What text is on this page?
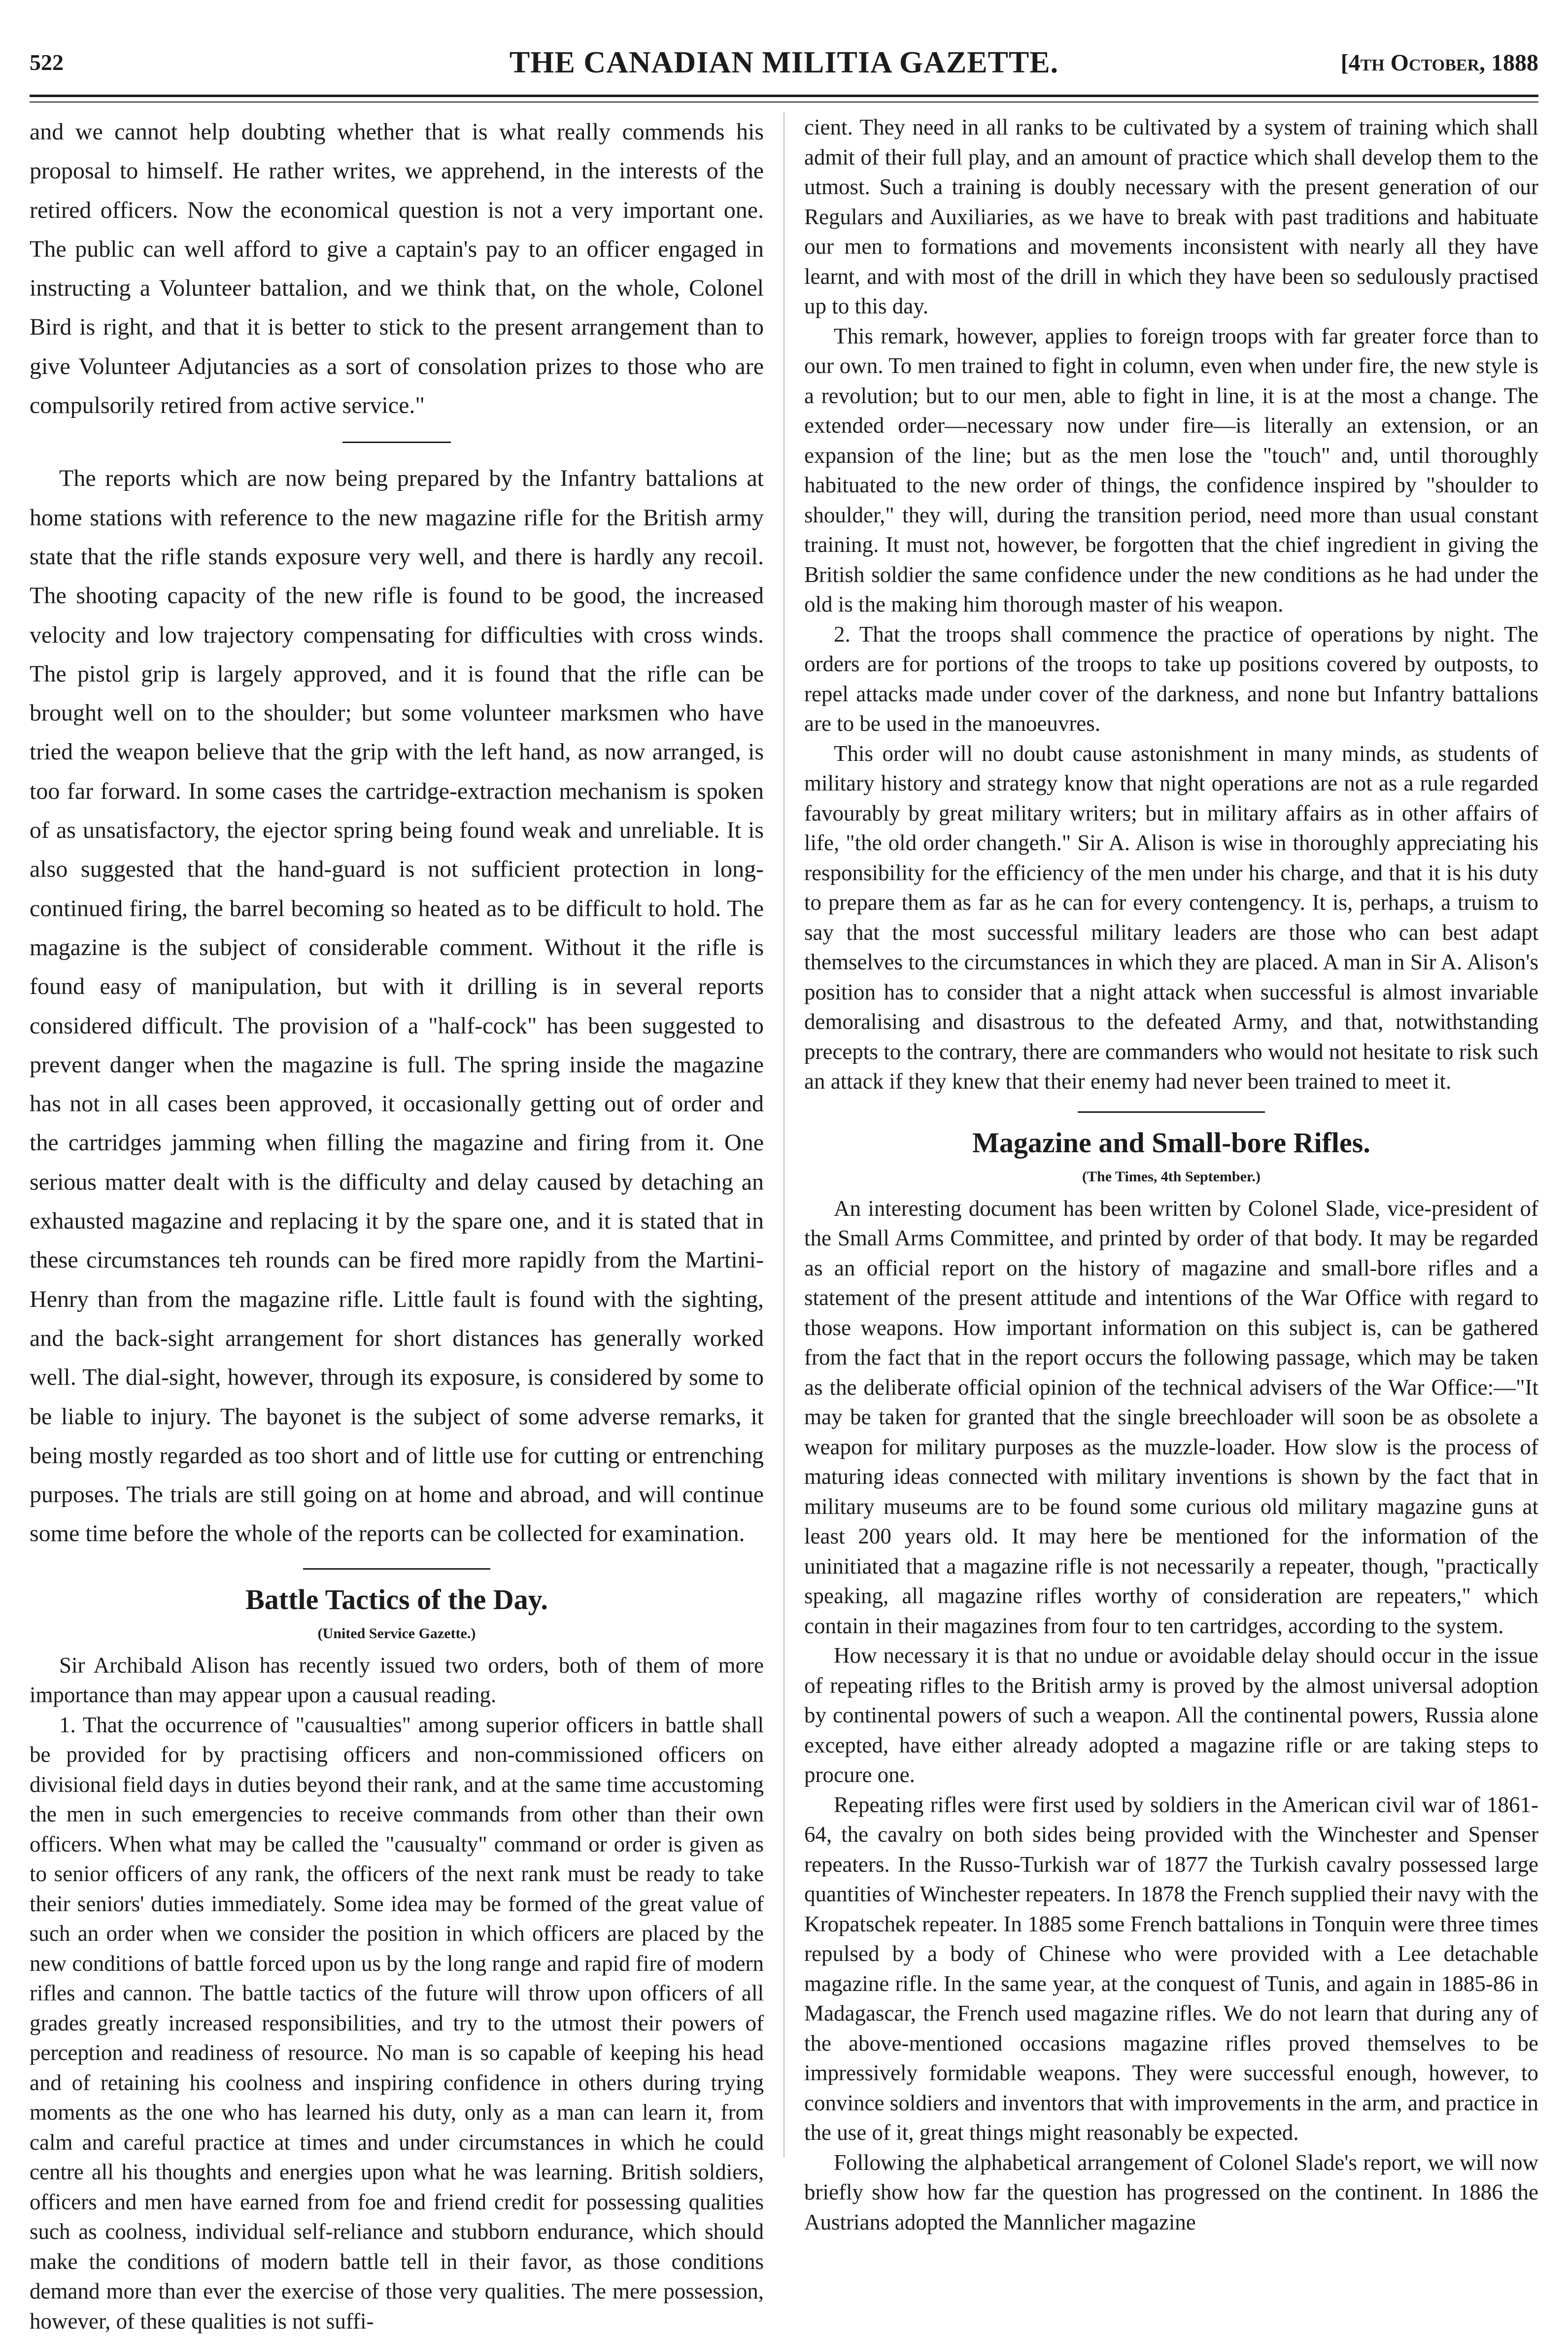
522	THE CANADIAN MILITIA GAZETTE.	[4th October, 1888

and we cannot help doubting whether that is what really commends his proposal to himself. He rather writes, we apprehend, in the interests of the retired officers. Now the economical question is not a very important one. The public can well afford to give a captain's pay to an officer engaged in instructing a Volunteer battalion, and we think that, on the whole, Colonel Bird is right, and that it is better to stick to the present arrangement than to give Volunteer Adjutancies as a sort of consolation prizes to those who are compulsorily retired from active service."

The reports which are now being prepared by the Infantry battalions at home stations with reference to the new magazine rifle for the British army state that the rifle stands exposure very well, and there is hardly any recoil. The shooting capacity of the new rifle is found to be good, the increased velocity and low trajectory compensating for difficulties with cross winds. The pistol grip is largely approved, and it is found that the rifle can be brought well on to the shoulder; but some volunteer marksmen who have tried the weapon believe that the grip with the left hand, as now arranged, is too far forward. In some cases the cartridge-extraction mechanism is spoken of as unsatisfactory, the ejector spring being found weak and unreliable. It is also suggested that the hand-guard is not sufficient protection in long-continued firing, the barrel becoming so heated as to be difficult to hold. The magazine is the subject of considerable comment. Without it the rifle is found easy of manipulation, but with it drilling is in several reports considered difficult. The provision of a "half-cock" has been suggested to prevent danger when the magazine is full. The spring inside the magazine has not in all cases been approved, it occasionally getting out of order and the cartridges jamming when filling the magazine and firing from it. One serious matter dealt with is the difficulty and delay caused by detaching an exhausted magazine and replacing it by the spare one, and it is stated that in these circumstances teh rounds can be fired more rapidly from the Martini-Henry than from the magazine rifle. Little fault is found with the sighting, and the back-sight arrangement for short distances has generally worked well. The dial-sight, however, through its exposure, is considered by some to be liable to injury. The bayonet is the subject of some adverse remarks, it being mostly regarded as too short and of little use for cutting or entrenching purposes. The trials are still going on at home and abroad, and will continue some time before the whole of the reports can be collected for examination.

Battle Tactics of the Day.
(United Service Gazette.)

Sir Archibald Alison has recently issued two orders, both of them of more importance than may appear upon a causual reading.

1. That the occurrence of "causualties" among superior officers in battle shall be provided for by practising officers and non-commissioned officers on divisional field days in duties beyond their rank, and at the same time accustoming the men in such emergencies to receive commands from other than their own officers. When what may be called the "causualty" command or order is given as to senior officers of any rank, the officers of the next rank must be ready to take their seniors' duties immediately. Some idea may be formed of the great value of such an order when we consider the position in which officers are placed by the new conditions of battle forced upon us by the long range and rapid fire of modern rifles and cannon. The battle tactics of the future will throw upon officers of all grades greatly increased responsibilities, and try to the utmost their powers of perception and readiness of resource. No man is so capable of keeping his head and of retaining his coolness and inspiring confidence in others during trying moments as the one who has learned his duty, only as a man can learn it, from calm and careful practice at times and under circumstances in which he could centre all his thoughts and energies upon what he was learning. British soldiers, officers and men have earned from foe and friend credit for possessing qualities such as coolness, individual self-reliance and stubborn endurance, which should make the conditions of modern battle tell in their favor, as those conditions demand more than ever the exercise of those very qualities. The mere possession, however, of these qualities is not suffi-

cient. They need in all ranks to be cultivated by a system of training which shall admit of their full play, and an amount of practice which shall develop them to the utmost. Such a training is doubly necessary with the present generation of our Regulars and Auxiliaries, as we have to break with past traditions and habituate our men to formations and movements inconsistent with nearly all they have learnt, and with most of the drill in which they have been so sedulously practised up to this day.

This remark, however, applies to foreign troops with far greater force than to our own. To men trained to fight in column, even when under fire, the new style is a revolution; but to our men, able to fight in line, it is at the most a change. The extended order—necessary now under fire—is literally an extension, or an expansion of the line; but as the men lose the "touch" and, until thoroughly habituated to the new order of things, the confidence inspired by "shoulder to shoulder," they will, during the transition period, need more than usual constant training. It must not, however, be forgotten that the chief ingredient in giving the British soldier the same confidence under the new conditions as he had under the old is the making him thorough master of his weapon.

2. That the troops shall commence the practice of operations by night. The orders are for portions of the troops to take up positions covered by outposts, to repel attacks made under cover of the darkness, and none but Infantry battalions are to be used in the manoeuvres.

This order will no doubt cause astonishment in many minds, as students of military history and strategy know that night operations are not as a rule regarded favourably by great military writers; but in military affairs as in other affairs of life, "the old order changeth." Sir A. Alison is wise in thoroughly appreciating his responsibility for the efficiency of the men under his charge, and that it is his duty to prepare them as far as he can for every contengency. It is, perhaps, a truism to say that the most successful military leaders are those who can best adapt themselves to the circumstances in which they are placed. A man in Sir A. Alison's position has to consider that a night attack when successful is almost invariable demoralising and disastrous to the defeated Army, and that, notwithstanding precepts to the contrary, there are commanders who would not hesitate to risk such an attack if they knew that their enemy had never been trained to meet it.

Magazine and Small-bore Rifles.
(The Times, 4th September.)

An interesting document has been written by Colonel Slade, vice-president of the Small Arms Committee, and printed by order of that body. It may be regarded as an official report on the history of magazine and small-bore rifles and a statement of the present attitude and intentions of the War Office with regard to those weapons. How important information on this subject is, can be gathered from the fact that in the report occurs the following passage, which may be taken as the deliberate official opinion of the technical advisers of the War Office:—"It may be taken for granted that the single breechloader will soon be as obsolete a weapon for military purposes as the muzzle-loader. How slow is the process of maturing ideas connected with military inventions is shown by the fact that in military museums are to be found some curious old military magazine guns at least 200 years old. It may here be mentioned for the information of the uninitiated that a magazine rifle is not necessarily a repeater, though, "practically speaking, all magazine rifles worthy of consideration are repeaters," which contain in their magazines from four to ten cartridges, according to the system.

How necessary it is that no undue or avoidable delay should occur in the issue of repeating rifles to the British army is proved by the almost universal adoption by continental powers of such a weapon. All the continental powers, Russia alone excepted, have either already adopted a magazine rifle or are taking steps to procure one.

Repeating rifles were first used by soldiers in the American civil war of 1861-64, the cavalry on both sides being provided with the Winchester and Spenser repeaters. In the Russo-Turkish war of 1877 the Turkish cavalry possessed large quantities of Winchester repeaters. In 1878 the French supplied their navy with the Kropatschek repeater. In 1885 some French battalions in Tonquin were three times repulsed by a body of Chinese who were provided with a Lee detachable magazine rifle. In the same year, at the conquest of Tunis, and again in 1885-86 in Madagascar, the French used magazine rifles. We do not learn that during any of the above-mentioned occasions magazine rifles proved themselves to be impressively formidable weapons. They were successful enough, however, to convince soldiers and inventors that with improvements in the arm, and practice in the use of it, great things might reasonably be expected.

Following the alphabetical arrangement of Colonel Slade's report, we will now briefly show how far the question has progressed on the continent. In 1886 the Austrians adopted the Mannlicher magazine
